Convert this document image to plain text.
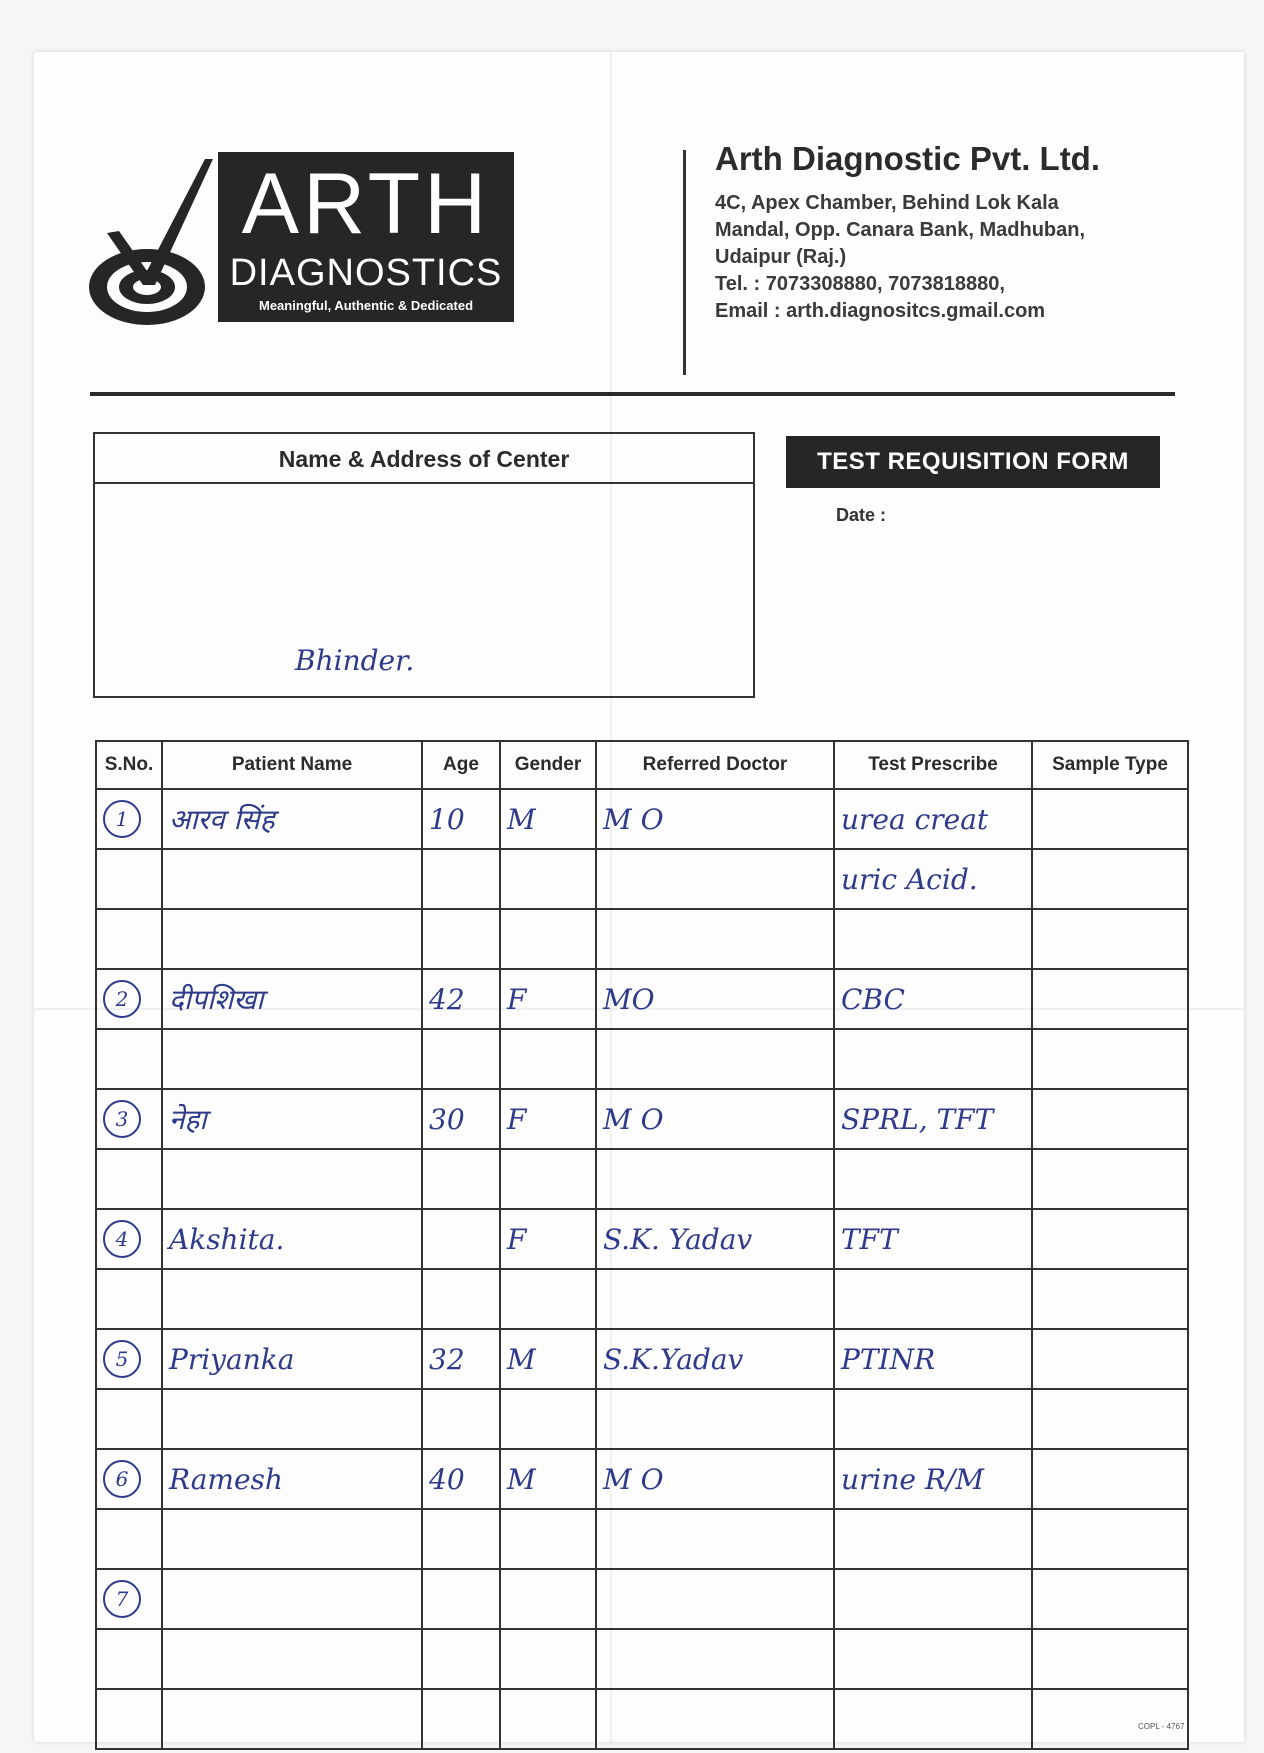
ARTH
DIAGNOSTICS
Meaningful, Authentic & Dedicated
Arth Diagnostic Pvt. Ltd.
4C, Apex Chamber, Behind Lok Kala
Mandal, Opp. Canara Bank, Madhuban,
Udaipur (Raj.)
Tel. : 7073308880, 7073818880,
Email : arth.diagnositcs.gmail.com
Name & Address of Center
Bhinder.
TEST REQUISITION FORM
Date :
S.No.	Patient Name	Age	Gender	Referred Doctor	Test Prescribe	Sample Type
1	आरव सिंह	10	M	M O	urea creat	
					uric Acid.	

2	दीपशिखा	42	F	MO	CBC	

3	नेहा	30	F	M O	SPRL, TFT	

4	Akshita.		F	S.K. Yadav	TFT	

5	Priyanka	32	M	S.K.Yadav	PTINR	

6	Ramesh	40	M	M O	urine R/M	

7						

COPL - 4767
